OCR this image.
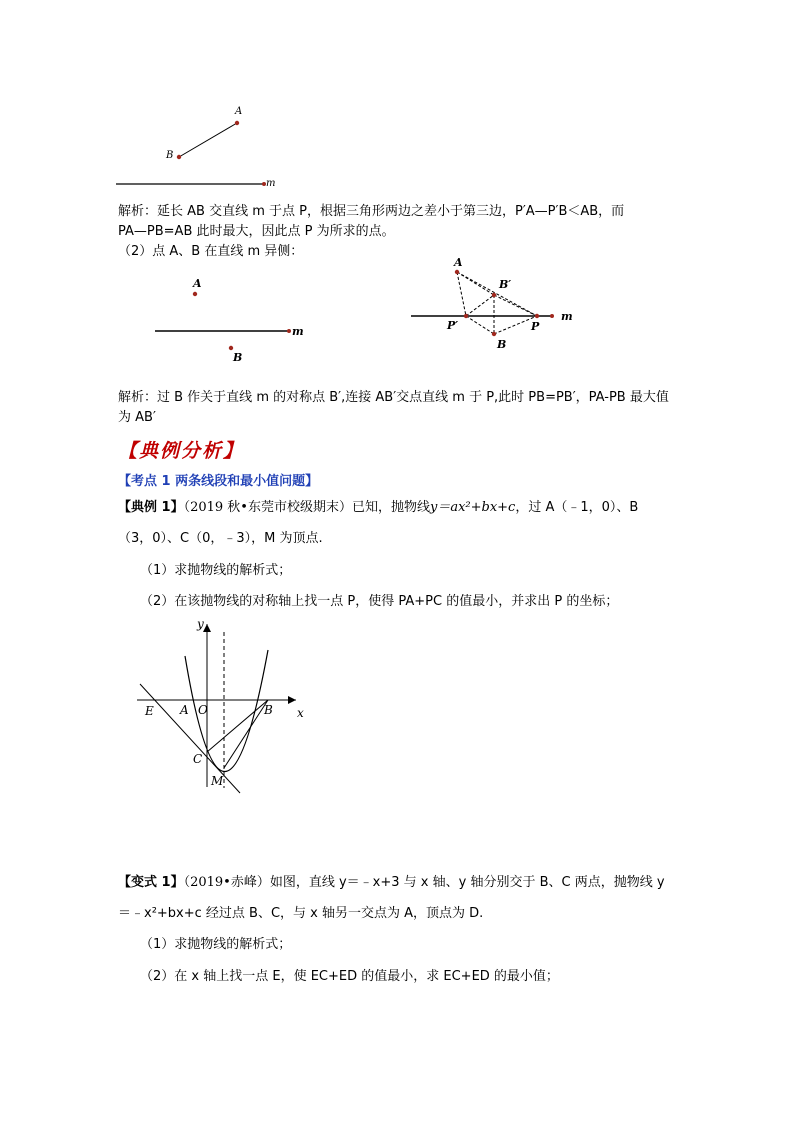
A
B
m
解析：延长 AB 交直线 m 于点 P，根据三角形两边之差小于第三边，P′A—P′B＜AB，而
PA—PB=AB 此时最大，因此点 P 为所求的点。
（2）点 A、B 在直线 m 异侧：
A
B
m
A
B′
P′	P
B
m
解析：过 B 作关于直线 m 的对称点 B′,连接 AB′交点直线 m 于 P,此时 PB=PB′，PA-PB 最大值
为 AB′
【典例分析】
【考点 1 两条线段和最小值问题】
【典例 1】（2019 秋•东莞市校级期末）已知，抛物线y＝ax²+bx+c，过 A（﹣1，0）、B
（3，0）、C（0，﹣3），M 为顶点.
（1）求抛物线的解析式；
（2）在该抛物线的对称轴上找一点 P，使得 PA+PC 的值最小，并求出 P 的坐标；
y
x
E A O	B
C
M
【变式 1】（2019•赤峰）如图，直线 y＝﹣x+3 与 x 轴、y 轴分别交于 B、C 两点，抛物线 y
＝﹣x²+bx+c 经过点 B、C，与 x 轴另一交点为 A，顶点为 D.
（1）求抛物线的解析式；
（2）在 x 轴上找一点 E，使 EC+ED 的值最小，求 EC+ED 的最小值；
